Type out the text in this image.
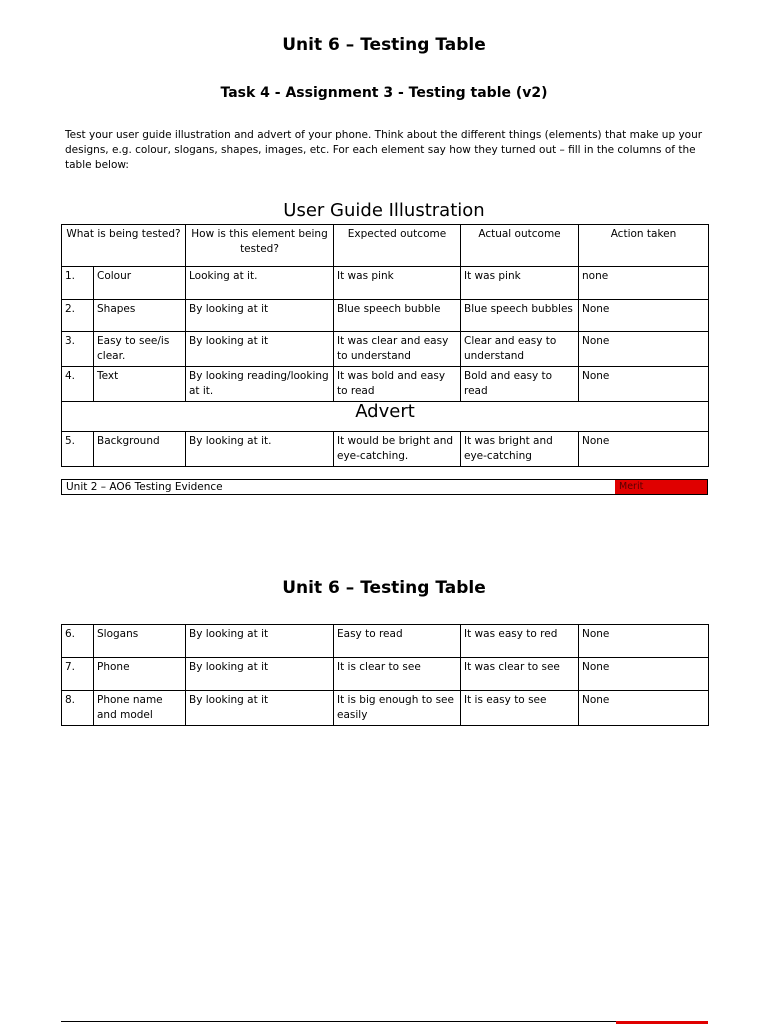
Unit 6 – Testing Table
Task 4 - Assignment 3 - Testing table (v2)
Test your user guide illustration and advert of your phone. Think about the different things (elements) that make up your designs, e.g. colour, slogans, shapes, images, etc. For each element say how they turned out – fill in the columns of the table below:
User Guide Illustration
What is being tested?		How is this element being tested?	Expected outcome	Actual outcome	Action taken
1.	Colour	Looking at it.	It was pink	It was pink	none
2.	Shapes	By looking at it	Blue speech bubble	Blue speech bubbles	None
3.	Easy to see/is clear.	By looking at it	It was clear and easy to understand	Clear and easy to understand	None
4.	Text	By looking reading/looking at it.	It was bold and easy to read	Bold and easy to read	None
Advert					
5.	Background	By looking at it.	It would be bright and eye-catching.	It was bright and eye-catching	None
Unit 2 – AO6 Testing Evidence	Merit
Unit 6 – Testing Table
6.	Slogans	By looking at it	Easy to read	It was easy to red	None
7.	Phone	By looking at it	It is clear to see	It was clear to see	None
8.	Phone name and model	By looking at it	It is big enough to see easily	It is easy to see	None
